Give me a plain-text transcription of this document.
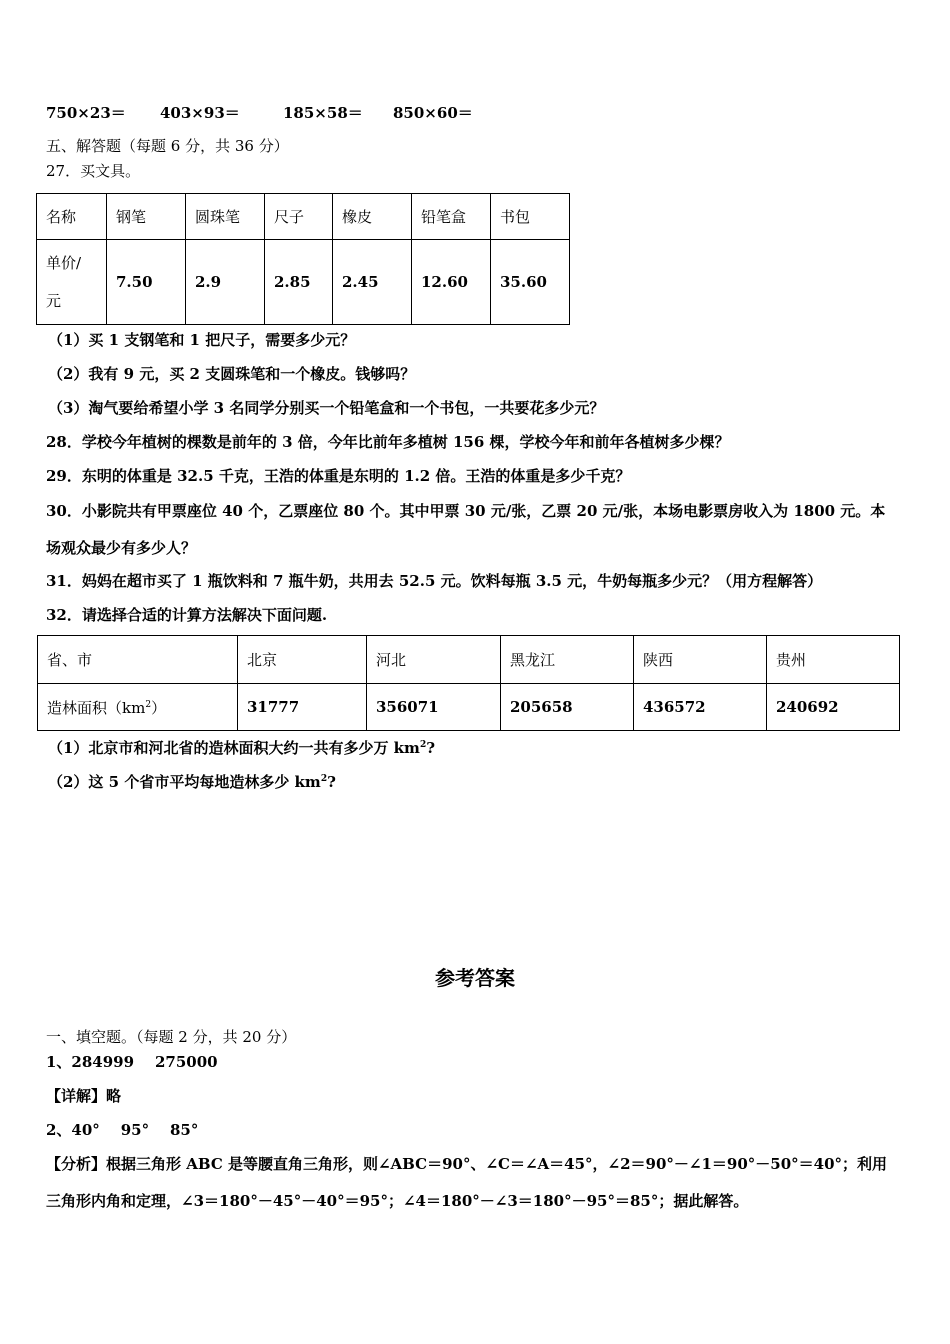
750×23＝ 403×93＝	185×58＝ 850×60＝
五、解答题（每题 6 分，共 36 分）
27．买文具。
名称	钢笔	圆珠笔	尺子	橡皮	铅笔盒	书包
单价/
元	7.50	2.9	2.85	2.45	12.60	35.60
（1）买 1 支钢笔和 1 把尺子，需要多少元？
（2）我有 9 元，买 2 支圆珠笔和一个橡皮。钱够吗？
（3）淘气要给希望小学 3 名同学分别买一个铅笔盒和一个书包，一共要花多少元？
28．学校今年植树的棵数是前年的 3 倍，今年比前年多植树 156 棵，学校今年和前年各植树多少棵？
29．东明的体重是 32.5 千克，王浩的体重是东明的 1.2 倍。王浩的体重是多少千克？
30．小影院共有甲票座位 40 个，乙票座位 80 个。其中甲票 30 元/张，乙票 20 元/张，本场电影票房收入为 1800 元。本
场观众最少有多少人？
31．妈妈在超市买了 1 瓶饮料和 7 瓶牛奶，共用去 52.5 元。饮料每瓶 3.5 元，牛奶每瓶多少元？（用方程解答）
32．请选择合适的计算方法解决下面问题.
省、市	北京	河北	黑龙江	陕西	贵州
造林面积$(km^2)$	31777	356071	205658	436572	240692
（1）北京市和河北省的造林面积大约一共有多少万 $km^2$?
（2）这 5 个省市平均每地造林多少 $km^2$?
参考答案
一、填空题。（每题 2 分，共 20 分）
1、284999    275000
【详解】略
2、40°    95°    85°
【分析】根据三角形 ABC 是等腰直角三角形，则∠ABC＝90°、∠C＝∠A＝45°，∠2＝90°－∠1＝90°－50°＝40°；利用
三角形内角和定理，∠3＝180°－45°－40°＝95°；∠4＝180°－∠3＝180°－95°＝85°；据此解答。
